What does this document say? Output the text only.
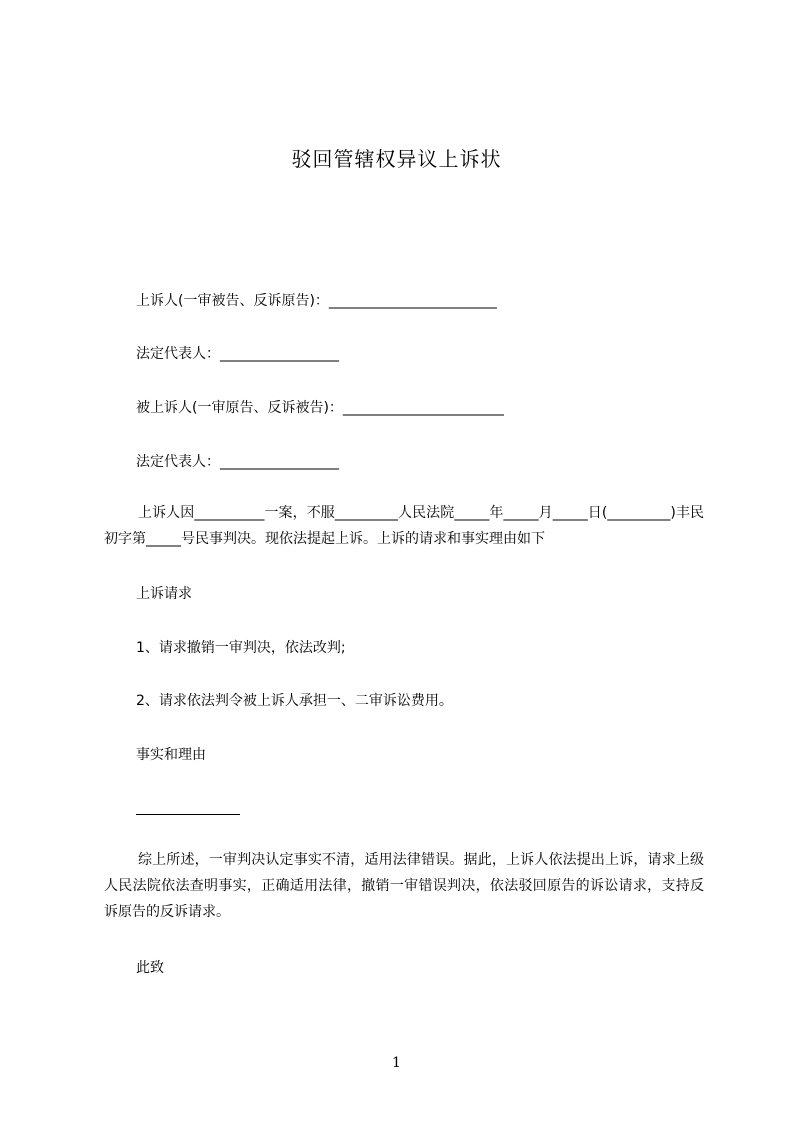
驳回管辖权异议上诉状
上诉人(一审被告、反诉原告)：________________________
法定代表人：_________________
被上诉人(一审原告、反诉被告)：_______________________
法定代表人：_________________
上诉人因__________一案，不服_________人民法院_____年_____月_____日(_________)丰民初字第_____号民事判决。现依法提起上诉。上诉的请求和事实理由如下
上诉请求
1、请求撤销一审判决，依法改判;
2、请求依法判令被上诉人承担一、二审诉讼费用。
事实和理由
综上所述，一审判决认定事实不清，适用法律错误。据此，上诉人依法提出上诉，请求上级人民法院依法查明事实，正确适用法律，撤销一审错误判决，依法驳回原告的诉讼请求，支持反诉原告的反诉请求。
此致
1
